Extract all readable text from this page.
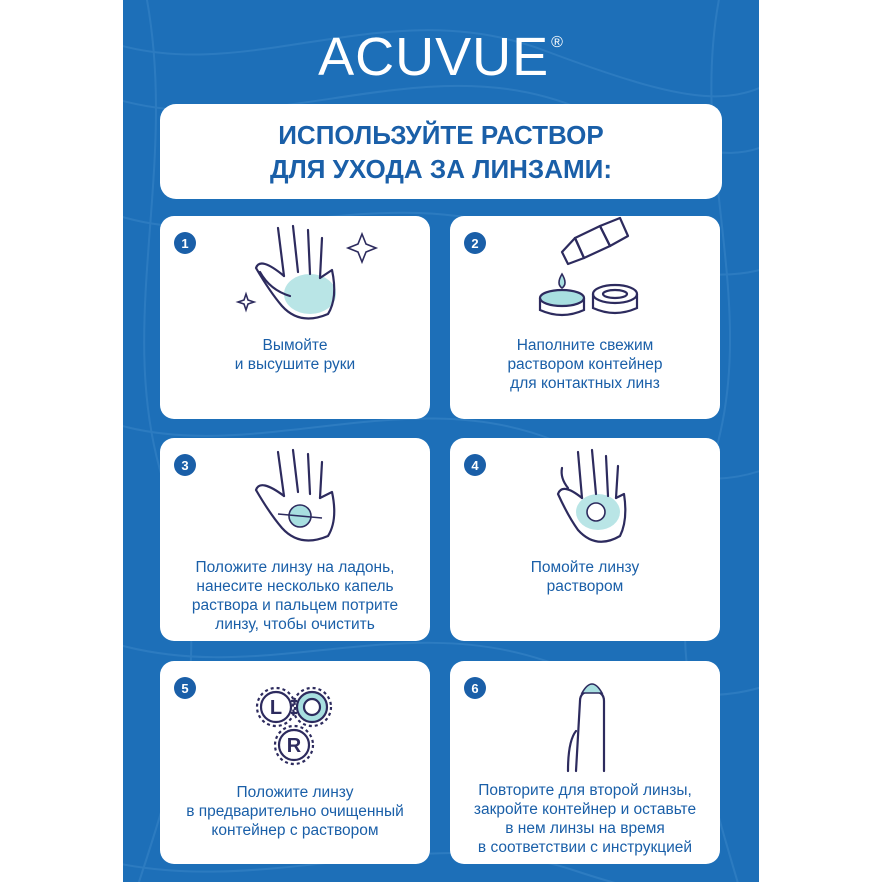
ACUVUE ®
ИСПОЛЬЗУЙТЕ РАСТВОР
ДЛЯ УХОДА ЗА ЛИНЗАМИ:
1
Вымойте
и высушите руки
2
Наполните свежим
раствором контейнер
для контактных линз
3
Положите линзу на ладонь,
нанесите несколько капель
раствора и пальцем потрите
линзу, чтобы очистить
4
Помойте линзу
раствором
5
L
R
Положите линзу
в предварительно очищенный
контейнер с раствором
6
Повторите для второй линзы,
закройте контейнер и оставьте
в нем линзы на время
в соответствии с инструкцией
